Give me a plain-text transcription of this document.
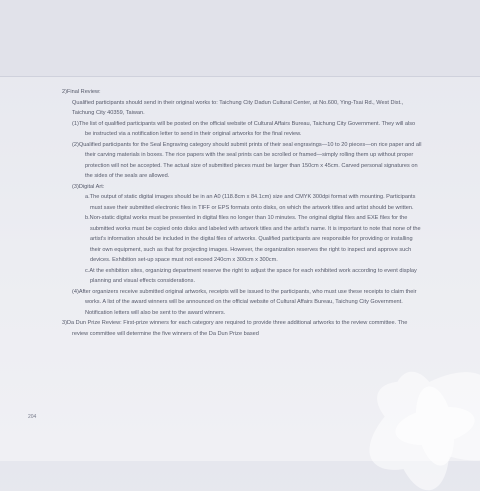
2)Final Review:

Qualified participants should send in their original works to: Taichung City Dadun Cultural Center, at No.600, Ying-Tsai Rd., West Dist., Taichung City 40359, Taiwan.

(1)The list of qualified participants will be posted on the official website of Cultural Affairs Bureau, Taichung City Government. They will also be instructed via a notification letter to send in their original artworks for the final review.

(2)Qualified participants for the Seal Engraving category should submit prints of their seal engravings—10 to 20 pieces—on rice paper and all their carving materials in boxes. The rice papers with the seal prints can be scrolled or framed—simply rolling them up without proper protection will not be accepted. The actual size of submitted pieces must be larger than 150cm x 45cm. Carved personal signatures on the sides of the seals are allowed.

(3)Digital Art:

a.The output of static digital images should be in an A0 (118.8cm x 84.1cm) size and CMYK 300dpi format with mounting. Participants must save their submitted electronic files in TIFF or EPS formats onto disks, on which the artwork titles and artist should be written.

b.Non-static digital works must be presented in digital files no longer than 10 minutes. The original digital files and EXE files for the submitted works must be copied onto disks and labeled with artwork titles and the artist's name. It is important to note that none of the artist's information should be included in the digital files of artworks. Qualified participants are responsible for providing or installing their own equipment, such as that for projecting images. However, the organization reserves the right to inspect and approve such devices. Exhibition set-up space must not exceed 240cm x 300cm x 300cm.

c.At the exhibition sites, organizing department reserve the right to adjust the space for each exhibited work according to event display planning and visual effects considerations.

(4)After organizers receive submitted original artworks, receipts will be issued to the participants, who must use these receipts to claim their works. A list of the award winners will be announced on the official website of Cultural Affairs Bureau, Taichung City Government. Notification letters will also be sent to the award winners.

3)Da Dun Prize Review: First-prize winners for each category are required to provide three additional artworks to the review committee. The review committee will determine the five winners of the Da Dun Prize based

204
